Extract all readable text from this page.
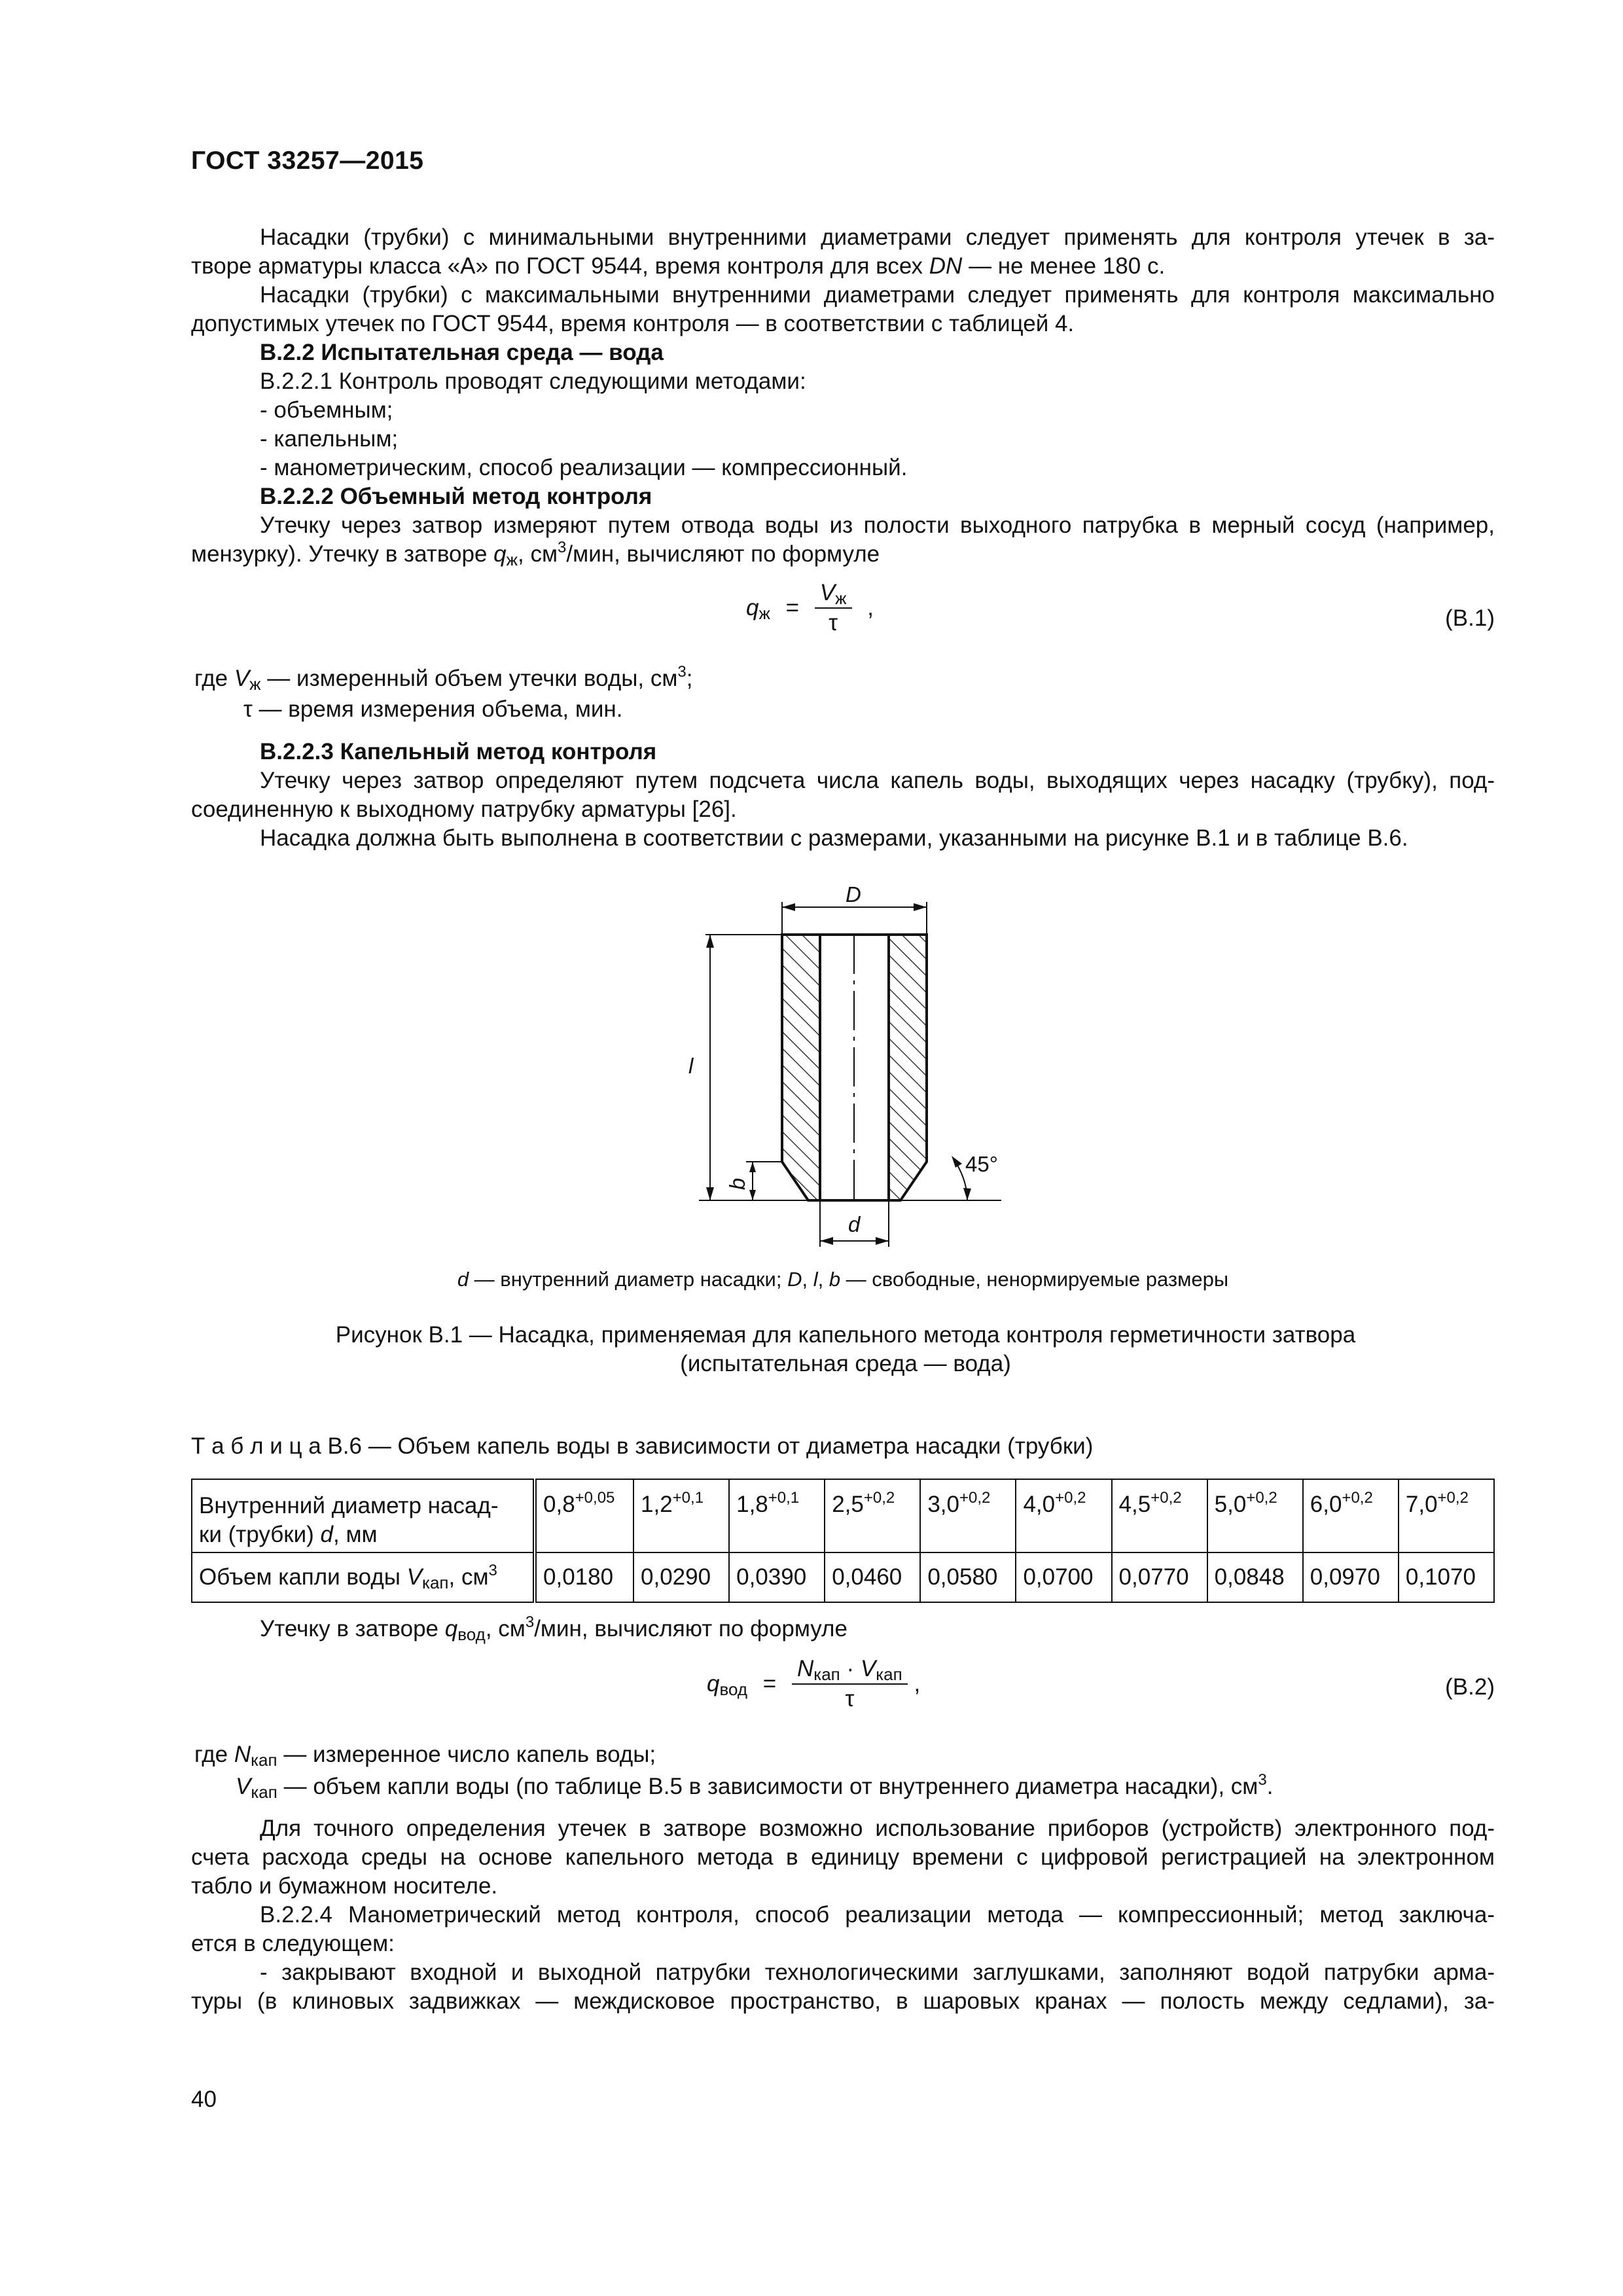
ГОСТ 33257—2015
Насадки (трубки) с минимальными внутренними диаметрами следует применять для контроля утечек в за-
творе арматуры класса «А» по ГОСТ 9544, время контроля для всех DN — не менее 180 с.
Насадки (трубки) с максимальными внутренними диаметрами следует применять для контроля максимально
допустимых утечек по ГОСТ 9544, время контроля — в соответствии с таблицей 4.
В.2.2 Испытательная среда — вода
В.2.2.1 Контроль проводят следующими методами:
- объемным;
- капельным;
- манометрическим, способ реализации — компрессионный.
В.2.2.2 Объемный метод контроля
Утечку через затвор измеряют путем отвода воды из полости выходного патрубка в мерный сосуд (например,
мензурку). Утечку в затворе $q_ж$, $см^3$/мин, вычисляют по формуле
$q_ж = \frac{V_ж}{\tau}$ ,	(В.1)
где $V_ж$ — измеренный объем утечки воды, $см^3$;
τ — время измерения объема, мин.
В.2.2.3 Капельный метод контроля
Утечку через затвор определяют путем подсчета числа капель воды, выходящих через насадку (трубку), под-
соединенную к выходному патрубку арматуры [26].
Насадка должна быть выполнена в соответствии с размерами, указанными на рисунке В.1 и в таблице В.6.
D
l
b
d
45°
d — внутренний диаметр насадки; D, l, b — свободные, ненормируемые размеры
Рисунок В.1 — Насадка, применяемая для капельного метода контроля герметичности затвора
(испытательная среда — вода)
Т а б л и ц а В.6 — Объем капель воды в зависимости от диаметра насадки (трубки)
Внутренний диаметр насад-
ки (трубки) d, мм	$0,8^{+0,05}$	$1,2^{+0,1}$	$1,8^{+0,1}$	$2,5^{+0,2}$	$3,0^{+0,2}$	$4,0^{+0,2}$	$4,5^{+0,2}$	$5,0^{+0,2}$	$6,0^{+0,2}$	$7,0^{+0,2}$
Объем капли воды $V_{кап}$, $см^3$	0,0180	0,0290	0,0390	0,0460	0,0580	0,0700	0,0770	0,0848	0,0970	0,1070
Утечку в затворе $q_{вод}$, $см^3$/мин, вычисляют по формуле
$q_{вод} = \frac{N_{кап} \cdot V_{кап}}{\tau}$ ,	(В.2)
где $N_{кап}$ — измеренное число капель воды;
$V_{кап}$ — объем капли воды (по таблице В.5 в зависимости от внутреннего диаметра насадки), $см^3$.
Для точного определения утечек в затворе возможно использование приборов (устройств) электронного под-
счета расхода среды на основе капельного метода в единицу времени с цифровой регистрацией на электронном
табло и бумажном носителе.
В.2.2.4 Манометрический метод контроля, способ реализации метода — компрессионный; метод заключа-
ется в следующем:
- закрывают входной и выходной патрубки технологическими заглушками, заполняют водой патрубки арма-
туры (в клиновых задвижках — междисковое пространство, в шаровых кранах — полость между седлами), за-
40
